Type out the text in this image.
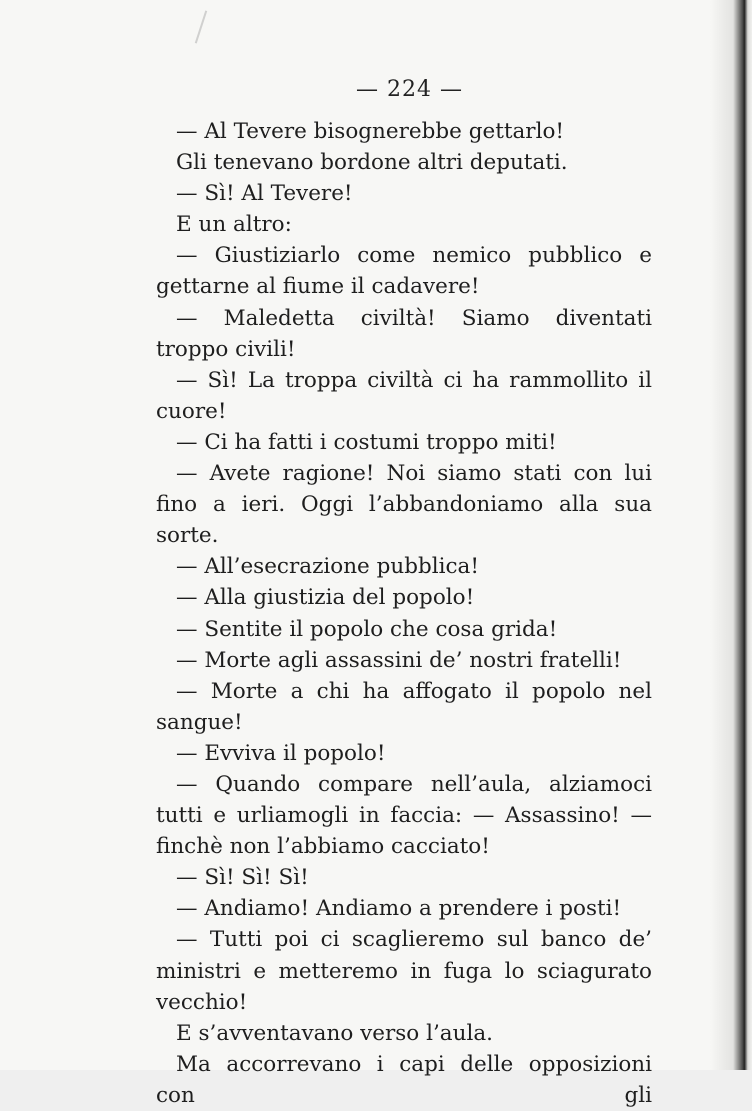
— 224 —

— Al Tevere bisognerebbe gettarlo!

Gli tenevano bordone altri deputati.

— Sì! Al Tevere!

E un altro:

— Giustiziarlo come nemico pubblico e gettarne al fiume il cadavere!

— Maledetta civiltà! Siamo diventati troppo civili!

— Sì! La troppa civiltà ci ha rammollito il cuore!

— Ci ha fatti i costumi troppo miti!

— Avete ragione! Noi siamo stati con lui fino a ieri. Oggi l’abbandoniamo alla sua sorte.

— All’esecrazione pubblica!

— Alla giustizia del popolo!

— Sentite il popolo che cosa grida!

— Morte agli assassini de’ nostri fratelli!

— Morte a chi ha affogato il popolo nel sangue!

— Evviva il popolo!

— Quando compare nell’aula, alziamoci tutti e urliamogli in faccia: — Assassino! — finchè non l’abbiamo cacciato!

— Sì! Sì! Sì!

— Andiamo! Andiamo a prendere i posti!

— Tutti poi ci scaglieremo sul banco de’ ministri e metteremo in fuga lo sciagurato vecchio!

E s’avventavano verso l’aula.

Ma accorrevano i capi delle opposizioni con gli
